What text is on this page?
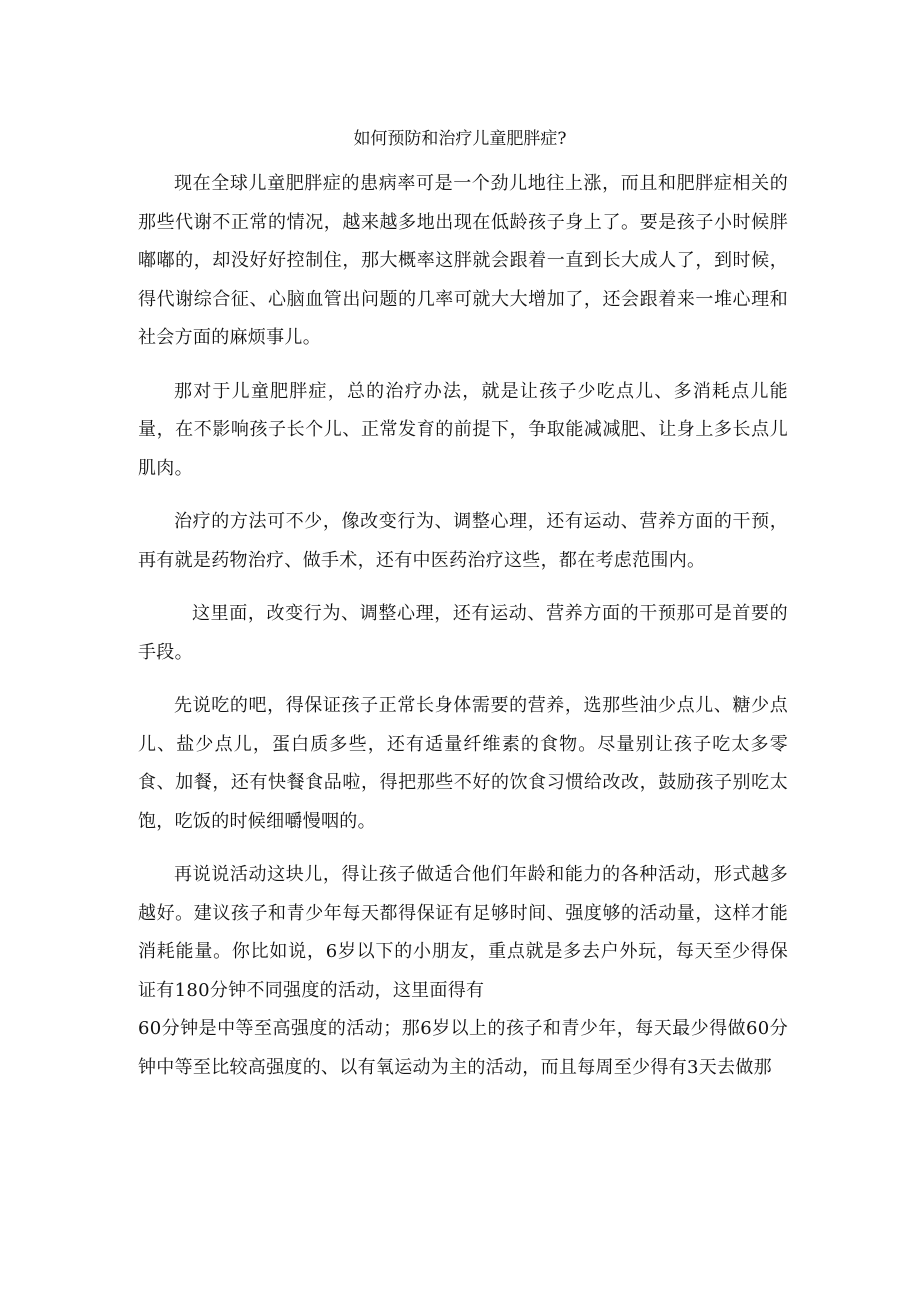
如何预防和治疗儿童肥胖症?

现在全球儿童肥胖症的患病率可是一个劲儿地往上涨，而且和肥胖症相关的那些代谢不正常的情况，越来越多地出现在低龄孩子身上了。要是孩子小时候胖嘟嘟的，却没好好控制住，那大概率这胖就会跟着一直到长大成人了，到时候，得代谢综合征、心脑血管出问题的几率可就大大增加了，还会跟着来一堆心理和社会方面的麻烦事儿。

那对于儿童肥胖症，总的治疗办法，就是让孩子少吃点儿、多消耗点儿能量，在不影响孩子长个儿、正常发育的前提下，争取能减减肥、让身上多长点儿肌肉。

治疗的方法可不少，像改变行为、调整心理，还有运动、营养方面的干预，再有就是药物治疗、做手术，还有中医药治疗这些，都在考虑范围内。

这里面，改变行为、调整心理，还有运动、营养方面的干预那可是首要的手段。

先说吃的吧，得保证孩子正常长身体需要的营养，选那些油少点儿、糖少点儿、盐少点儿，蛋白质多些，还有适量纤维素的食物。尽量别让孩子吃太多零食、加餐，还有快餐食品啦，得把那些不好的饮食习惯给改改，鼓励孩子别吃太饱，吃饭的时候细嚼慢咽的。

再说说活动这块儿，得让孩子做适合他们年龄和能力的各种活动，形式越多越好。建议孩子和青少年每天都得保证有足够时间、强度够的活动量，这样才能消耗能量。你比如说，6岁以下的小朋友，重点就是多去户外玩，每天至少得保证有180分钟不同强度的活动，这里面得有

60分钟是中等至高强度的活动；那6岁以上的孩子和青少年，每天最少得做60分钟中等至比较高强度的、以有氧运动为主的活动，而且每周至少得有3天去做那
